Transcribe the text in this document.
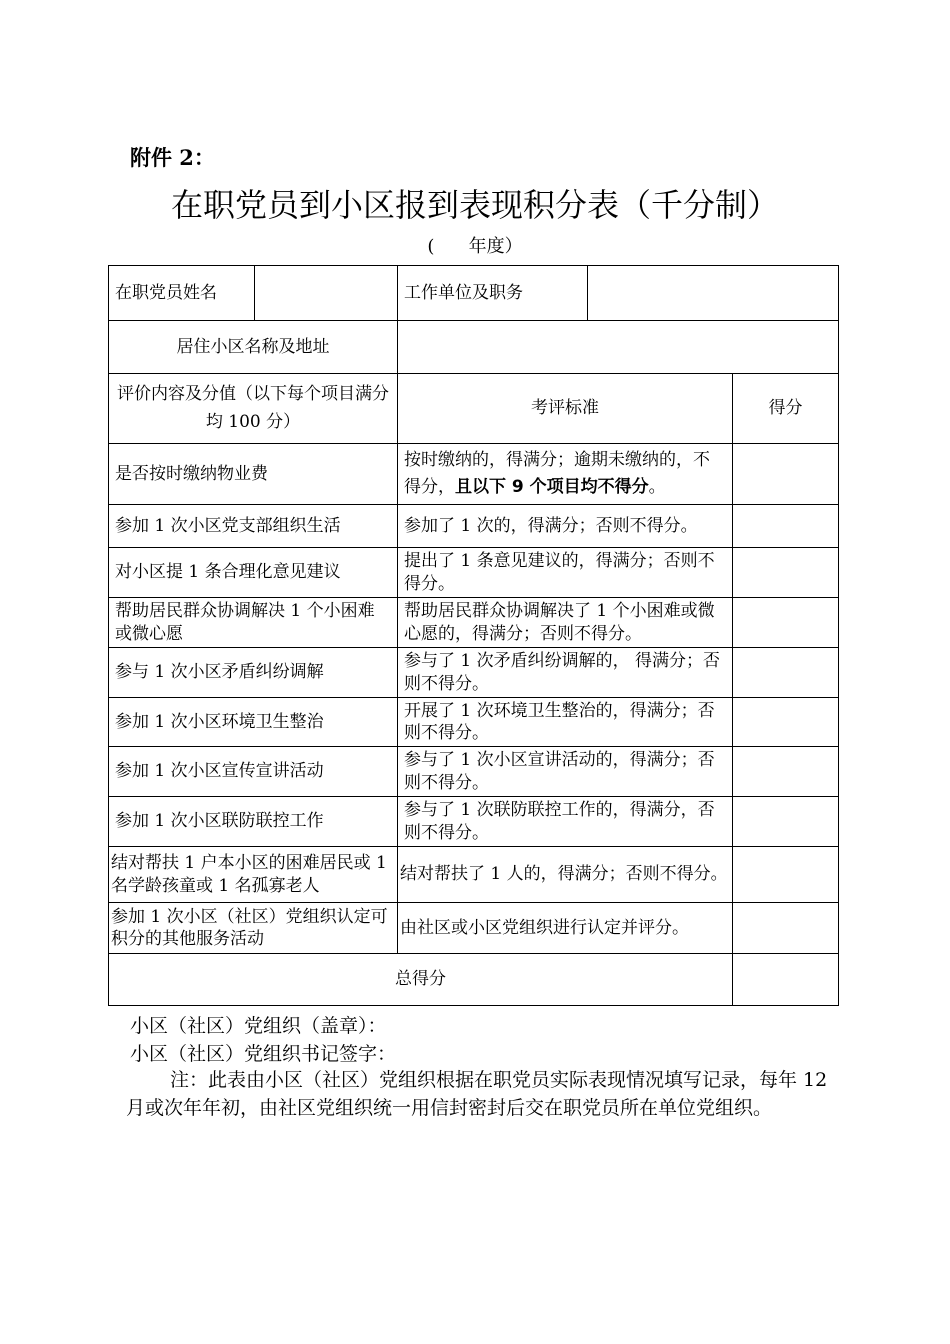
附件 2：
在职党员到小区报到表现积分表（千分制）
(      年度）
在职党员姓名		工作单位及职务		
居住小区名称及地址				
评价内容及分值（以下每个项目满分均 100 分）		考评标准		得分
是否按时缴纳物业费		按时缴纳的，得满分；逾期未缴纳的，不得分，且以下 9 个项目均不得分。		
参加 1 次小区党支部组织生活		参加了 1 次的，得满分；否则不得分。		
对小区提 1 条合理化意见建议		提出了 1 条意见建议的，得满分；否则不得分。		
帮助居民群众协调解决 1 个小困难或微心愿		帮助居民群众协调解决了 1 个小困难或微心愿的，得满分；否则不得分。		
参与 1 次小区矛盾纠纷调解		参与了 1 次矛盾纠纷调解的， 得满分；否则不得分。		
参加 1 次小区环境卫生整治		开展了 1 次环境卫生整治的，得满分；否则不得分。		
参加 1 次小区宣传宣讲活动		参与了 1 次小区宣讲活动的，得满分；否则不得分。		
参加 1 次小区联防联控工作		参与了 1 次联防联控工作的，得满分，否则不得分。		
结对帮扶 1 户本小区的困难居民或 1 名学龄孩童或 1 名孤寡老人		结对帮扶了 1 人的，得满分；否则不得分。		
参加 1 次小区（社区）党组织认定可积分的其他服务活动		由社区或小区党组织进行认定并评分。		
总得分				
小区（社区）党组织（盖章）：
小区（社区）党组织书记签字：
注：此表由小区（社区）党组织根据在职党员实际表现情况填写记录，每年 12 月或次年年初，由社区党组织统一用信封密封后交在职党员所在单位党组织。
